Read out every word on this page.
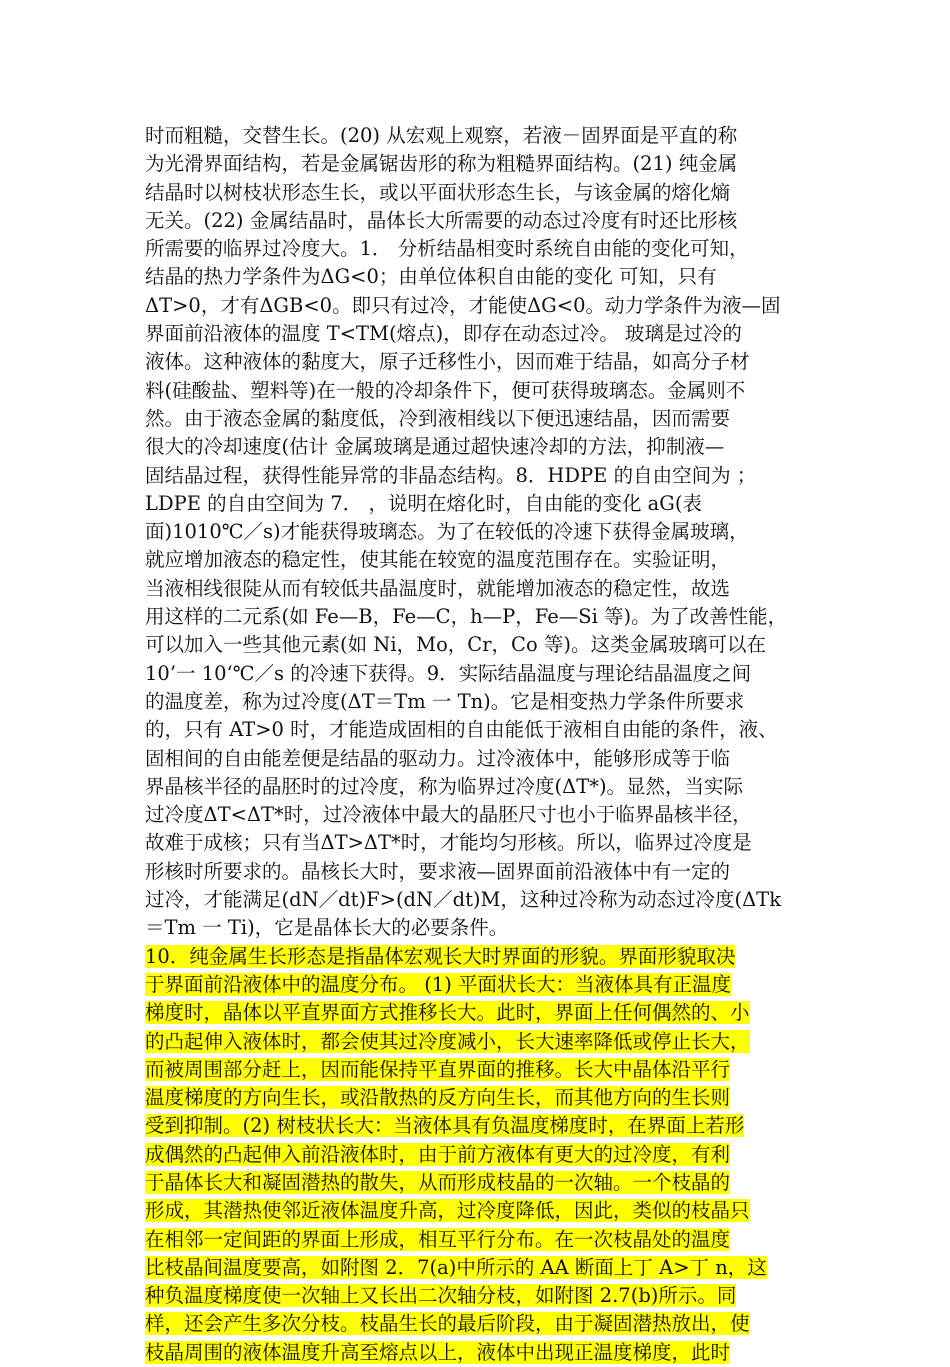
时而粗糙，交替生长。(20) 从宏观上观察，若液－固界面是平直的称
为光滑界面结构，若是金属锯齿形的称为粗糙界面结构。(21) 纯金属
结晶时以树枝状形态生长，或以平面状形态生长，与该金属的熔化熵
无关。(22) 金属结晶时，晶体长大所需要的动态过冷度有时还比形核
所需要的临界过冷度大。1． 分析结晶相变时系统自由能的变化可知，
结晶的热力学条件为ΔG<0；由单位体积自由能的变化 可知，只有
ΔT>0，才有ΔGB<0。即只有过冷，才能使ΔG<0。动力学条件为液—固
界面前沿液体的温度 T<TM(熔点)，即存在动态过冷。 玻璃是过冷的
液体。这种液体的黏度大，原子迁移性小，因而难于结晶，如高分子材
料(硅酸盐、塑料等)在一般的冷却条件下，便可获得玻璃态。金属则不
然。由于液态金属的黏度低，冷到液相线以下便迅速结晶，因而需要
很大的冷却速度(估计 金属玻璃是通过超快速冷却的方法，抑制液—
固结晶过程，获得性能异常的非晶态结构。8．HDPE 的自由空间为 ；
LDPE 的自由空间为 7． ，说明在熔化时，自由能的变化 aG(表
面)1010℃／s)才能获得玻璃态。为了在较低的冷速下获得金属玻璃，
就应增加液态的稳定性，使其能在较宽的温度范围存在。实验证明，
当液相线很陡从而有较低共晶温度时，就能增加液态的稳定性，故选
用这样的二元系(如 Fe—B，Fe—C，h—P，Fe—Si 等)。为了改善性能，
可以加入一些其他元素(如 Ni，Mo，Cr，Co 等)。这类金属玻璃可以在
10’一 10‘℃／s 的冷速下获得。9．实际结晶温度与理论结晶温度之间
的温度差，称为过冷度(ΔT＝Tm 一 Tn)。它是相变热力学条件所要求
的，只有 AT>0 时，才能造成固相的自由能低于液相自由能的条件，液、
固相间的自由能差便是结晶的驱动力。过冷液体中，能够形成等于临
界晶核半径的晶胚时的过冷度，称为临界过冷度(ΔT*)。显然，当实际
过冷度ΔT<ΔT*时，过冷液体中最大的晶胚尺寸也小于临界晶核半径，
故难于成核；只有当ΔT>ΔT*时，才能均匀形核。所以，临界过冷度是
形核时所要求的。晶核长大时，要求液—固界面前沿液体中有一定的
过冷，才能满足(dN／dt)F>(dN／dt)M，这种过冷称为动态过冷度(ΔTk
＝Tm 一 Ti)，它是晶体长大的必要条件。
10．纯金属生长形态是指晶体宏观长大时界面的形貌。界面形貌取决
于界面前沿液体中的温度分布。 (1) 平面状长大：当液体具有正温度
梯度时，晶体以平直界面方式推移长大。此时，界面上任何偶然的、小
的凸起伸入液体时，都会使其过冷度减小，长大速率降低或停止长大，
而被周围部分赶上，因而能保持平直界面的推移。长大中晶体沿平行
温度梯度的方向生长，或沿散热的反方向生长，而其他方向的生长则
受到抑制。(2) 树枝状长大：当液体具有负温度梯度时，在界面上若形
成偶然的凸起伸入前沿液体时，由于前方液体有更大的过冷度，有利
于晶体长大和凝固潜热的散失，从而形成枝晶的一次轴。一个枝晶的
形成，其潜热使邻近液体温度升高，过冷度降低，因此，类似的枝晶只
在相邻一定间距的界面上形成，相互平行分布。在一次枝晶处的温度
比枝晶间温度要高，如附图 2．7(a)中所示的 AA 断面上丁 A>丁 n，这
种负温度梯度使一次轴上又长出二次轴分枝，如附图 2.7(b)所示。同
样，还会产生多次分枝。枝晶生长的最后阶段，由于凝固潜热放出，使
枝晶周围的液体温度升高至熔点以上，液体中出现正温度梯度，此时
